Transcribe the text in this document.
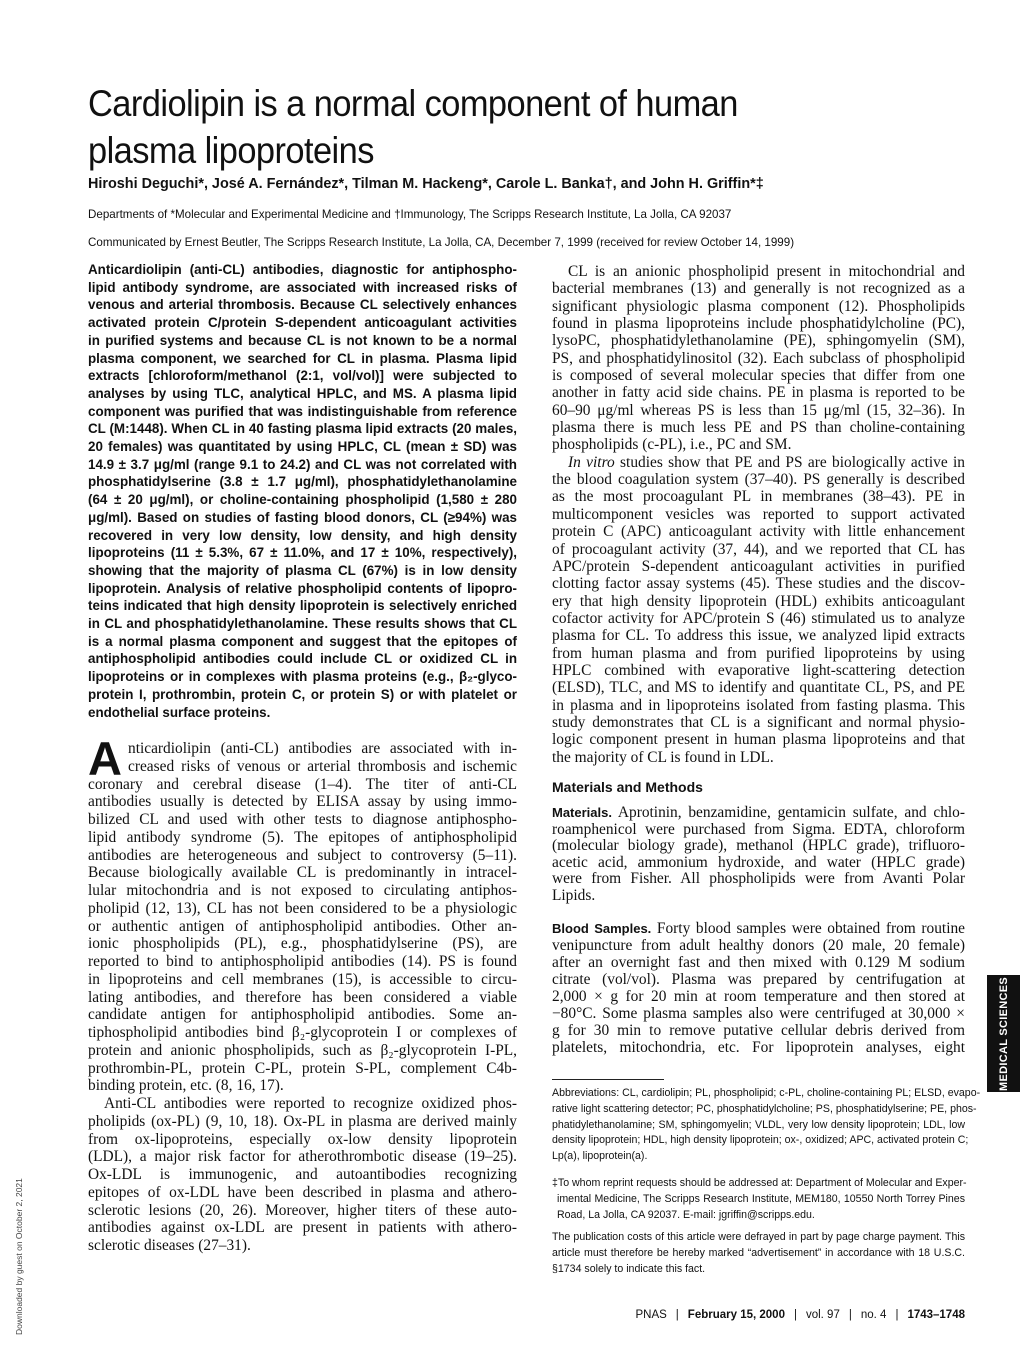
Cardiolipin is a normal component of human
plasma lipoproteins
Hiroshi Deguchi*, José A. Fernández*, Tilman M. Hackeng*, Carole L. Banka†, and John H. Griffin*‡
Departments of *Molecular and Experimental Medicine and †Immunology, The Scripps Research Institute, La Jolla, CA 92037
Communicated by Ernest Beutler, The Scripps Research Institute, La Jolla, CA, December 7, 1999 (received for review October 14, 1999)
Anticardiolipin (anti-CL) antibodies, diagnostic for antiphospho-
lipid antibody syndrome, are associated with increased risks of
venous and arterial thrombosis. Because CL selectively enhances
activated protein C/protein S-dependent anticoagulant activities
in purified systems and because CL is not known to be a normal
plasma component, we searched for CL in plasma. Plasma lipid
extracts [chloroform/methanol (2:1, vol/vol)] were subjected to
analyses by using TLC, analytical HPLC, and MS. A plasma lipid
component was purified that was indistinguishable from reference
CL (M:1448). When CL in 40 fasting plasma lipid extracts (20 males,
20 females) was quantitated by using HPLC, CL (mean ± SD) was
14.9 ± 3.7 μg/ml (range 9.1 to 24.2) and CL was not correlated with
phosphatidylserine (3.8 ± 1.7 μg/ml), phosphatidylethanolamine
(64 ± 20 μg/ml), or choline-containing phospholipid (1,580 ± 280
μg/ml). Based on studies of fasting blood donors, CL (≥94%) was
recovered in very low density, low density, and high density
lipoproteins (11 ± 5.3%, 67 ± 11.0%, and 17 ± 10%, respectively),
showing that the majority of plasma CL (67%) is in low density
lipoprotein. Analysis of relative phospholipid contents of lipopro-
teins indicated that high density lipoprotein is selectively enriched
in CL and phosphatidylethanolamine. These results shows that CL
is a normal plasma component and suggest that the epitopes of
antiphospholipid antibodies could include CL or oxidized CL in
lipoproteins or in complexes with plasma proteins (e.g., β₂-glyco-
protein I, prothrombin, protein C, or protein S) or with platelet or
endothelial surface proteins.
A nticardiolipin (anti-CL) antibodies are associated with in-
creased risks of venous or arterial thrombosis and ischemic
coronary and cerebral disease (1–4). The titer of anti-CL
antibodies usually is detected by ELISA assay by using immo-
bilized CL and used with other tests to diagnose antiphospho-
lipid antibody syndrome (5). The epitopes of antiphospholipid
antibodies are heterogeneous and subject to controversy (5–11).
Because biologically available CL is predominantly in intracel-
lular mitochondria and is not exposed to circulating antiphos-
pholipid (12, 13), CL has not been considered to be a physiologic
or authentic antigen of antiphospholipid antibodies. Other an-
ionic phospholipids (PL), e.g., phosphatidylserine (PS), are
reported to bind to antiphospholipid antibodies (14). PS is found
in lipoproteins and cell membranes (15), is accessible to circu-
lating antibodies, and therefore has been considered a viable
candidate antigen for antiphospholipid antibodies. Some an-
tiphospholipid antibodies bind β₂-glycoprotein I or complexes of
protein and anionic phospholipids, such as β₂-glycoprotein I-PL,
prothrombin-PL, protein C-PL, protein S-PL, complement C4b-
binding protein, etc. (8, 16, 17).
Anti-CL antibodies were reported to recognize oxidized phos-
pholipids (ox-PL) (9, 10, 18). Ox-PL in plasma are derived mainly
from ox-lipoproteins, especially ox-low density lipoprotein
(LDL), a major risk factor for atherothrombotic disease (19–25).
Ox-LDL is immunogenic, and autoantibodies recognizing
epitopes of ox-LDL have been described in plasma and athero-
sclerotic lesions (20, 26). Moreover, higher titers of these auto-
antibodies against ox-LDL are present in patients with athero-
sclerotic diseases (27–31).
CL is an anionic phospholipid present in mitochondrial and
bacterial membranes (13) and generally is not recognized as a
significant physiologic plasma component (12). Phospholipids
found in plasma lipoproteins include phosphatidylcholine (PC),
lysoPC, phosphatidylethanolamine (PE), sphingomyelin (SM),
PS, and phosphatidylinositol (32). Each subclass of phospholipid
is composed of several molecular species that differ from one
another in fatty acid side chains. PE in plasma is reported to be
60–90 μg/ml whereas PS is less than 15 μg/ml (15, 32–36). In
plasma there is much less PE and PS than choline-containing
phospholipids (c-PL), i.e., PC and SM.
In vitro studies show that PE and PS are biologically active in
the blood coagulation system (37–40). PS generally is described
as the most procoagulant PL in membranes (38–43). PE in
multicomponent vesicles was reported to support activated
protein C (APC) anticoagulant activity with little enhancement
of procoagulant activity (37, 44), and we reported that CL has
APC/protein S-dependent anticoagulant activities in purified
clotting factor assay systems (45). These studies and the discov-
ery that high density lipoprotein (HDL) exhibits anticoagulant
cofactor activity for APC/protein S (46) stimulated us to analyze
plasma for CL. To address this issue, we analyzed lipid extracts
from human plasma and from purified lipoproteins by using
HPLC combined with evaporative light-scattering detection
(ELSD), TLC, and MS to identify and quantitate CL, PS, and PE
in plasma and in lipoproteins isolated from fasting plasma. This
study demonstrates that CL is a significant and normal physio-
logic component present in human plasma lipoproteins and that
the majority of CL is found in LDL.
Materials and Methods
Materials. Aprotinin, benzamidine, gentamicin sulfate, and chlo-
roamphenicol were purchased from Sigma. EDTA, chloroform
(molecular biology grade), methanol (HPLC grade), trifluoro-
acetic acid, ammonium hydroxide, and water (HPLC grade)
were from Fisher. All phospholipids were from Avanti Polar
Lipids.
Blood Samples. Forty blood samples were obtained from routine
venipuncture from adult healthy donors (20 male, 20 female)
after an overnight fast and then mixed with 0.129 M sodium
citrate (vol/vol). Plasma was prepared by centrifugation at
2,000 × g for 20 min at room temperature and then stored at
−80°C. Some plasma samples also were centrifuged at 30,000 ×
g for 30 min to remove putative cellular debris derived from
platelets, mitochondria, etc. For lipoprotein analyses, eight
Abbreviations: CL, cardiolipin; PL, phospholipid; c-PL, choline-containing PL; ELSD, evapo-
rative light scattering detector; PC, phosphatidylcholine; PS, phosphatidylserine; PE, phos-
phatidylethanolamine; SM, sphingomyelin; VLDL, very low density lipoprotein; LDL, low
density lipoprotein; HDL, high density lipoprotein; ox-, oxidized; APC, activated protein C;
Lp(a), lipoprotein(a).
‡To whom reprint requests should be addressed at: Department of Molecular and Exper-
imental Medicine, The Scripps Research Institute, MEM180, 10550 North Torrey Pines
Road, La Jolla, CA 92037. E-mail: jgriffin@scripps.edu.
The publication costs of this article were defrayed in part by page charge payment. This
article must therefore be hereby marked “advertisement” in accordance with 18 U.S.C.
§1734 solely to indicate this fact.
PNAS | February 15, 2000 | vol. 97 | no. 4 | 1743–1748
MEDICAL SCIENCES
Downloaded by guest on October 2, 2021
